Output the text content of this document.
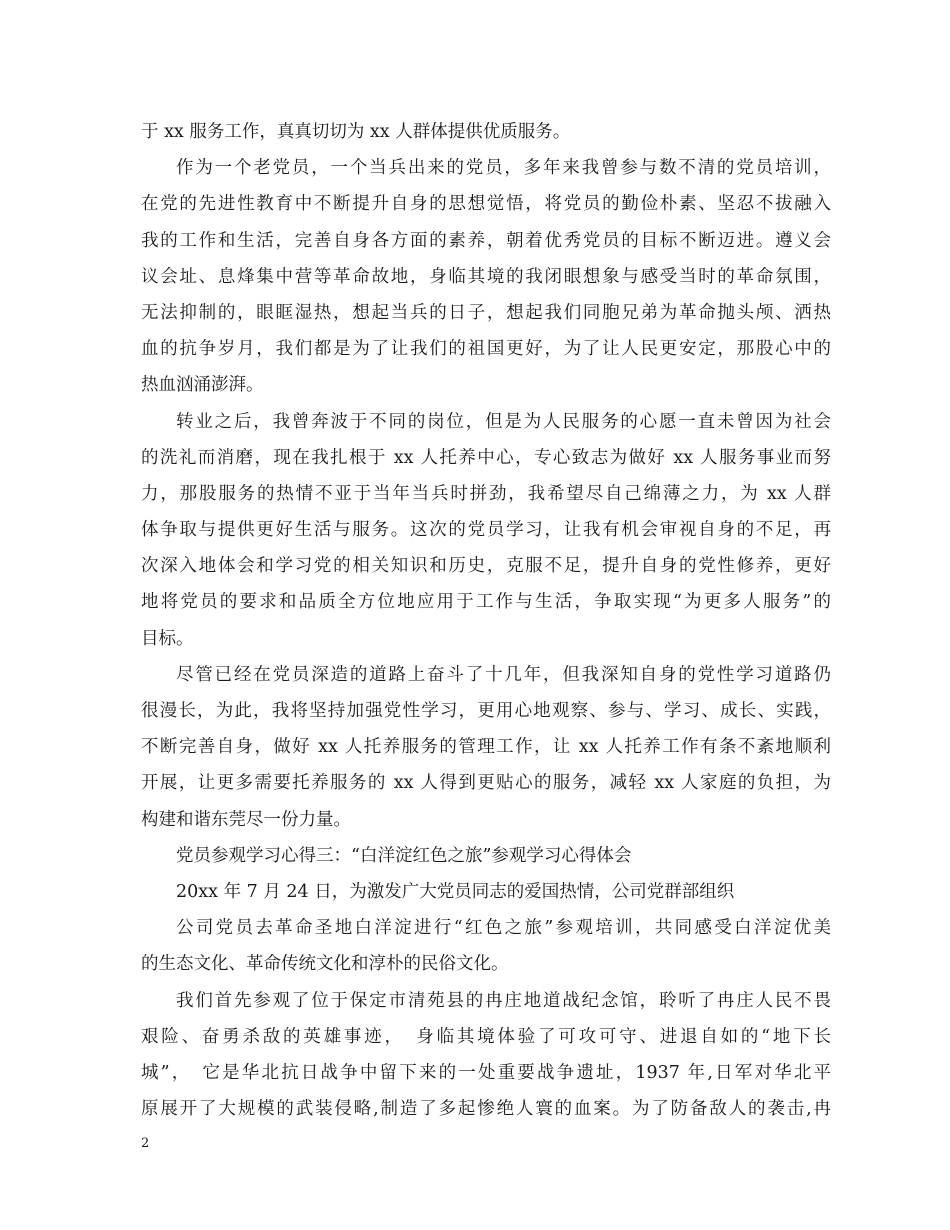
于 xx 服务工作，真真切切为 xx 人群体提供优质服务。
作为一个老党员，一个当兵出来的党员，多年来我曾参与数不清的党员培训，
在党的先进性教育中不断提升自身的思想觉悟，将党员的勤俭朴素、坚忍不拔融入
我的工作和生活，完善自身各方面的素养，朝着优秀党员的目标不断迈进。遵义会
议会址、息烽集中营等革命故地，身临其境的我闭眼想象与感受当时的革命氛围，
无法抑制的，眼眶湿热，想起当兵的日子，想起我们同胞兄弟为革命抛头颅、洒热
血的抗争岁月，我们都是为了让我们的祖国更好，为了让人民更安定，那股心中的
热血汹涌澎湃。
转业之后，我曾奔波于不同的岗位，但是为人民服务的心愿一直未曾因为社会
的洗礼而消磨，现在我扎根于 xx 人托养中心，专心致志为做好 xx 人服务事业而努
力，那股服务的热情不亚于当年当兵时拼劲，我希望尽自己绵薄之力，为 xx 人群
体争取与提供更好生活与服务。这次的党员学习，让我有机会审视自身的不足，再
次深入地体会和学习党的相关知识和历史，克服不足，提升自身的党性修养，更好
地将党员的要求和品质全方位地应用于工作与生活，争取实现“为更多人服务”的
目标。
尽管已经在党员深造的道路上奋斗了十几年，但我深知自身的党性学习道路仍
很漫长，为此，我将坚持加强党性学习，更用心地观察、参与、学习、成长、实践，
不断完善自身，做好 xx 人托养服务的管理工作，让 xx 人托养工作有条不紊地顺利
开展，让更多需要托养服务的 xx 人得到更贴心的服务，减轻 xx 人家庭的负担，为
构建和谐东莞尽一份力量。
党员参观学习心得三：“白洋淀红色之旅”参观学习心得体会
20xx 年 7 月 24 日，为激发广大党员同志的爱国热情，公司党群部组织
公司党员去革命圣地白洋淀进行“红色之旅”参观培训，共同感受白洋淀优美
的生态文化、革命传统文化和淳朴的民俗文化。
我们首先参观了位于保定市清苑县的冉庄地道战纪念馆，聆听了冉庄人民不畏
艰险、奋勇杀敌的英雄事迹，　身临其境体验了可攻可守、进退自如的“地下长
城”，　它是华北抗日战争中留下来的一处重要战争遗址，1937 年,日军对华北平
原展开了大规模的武装侵略,制造了多起惨绝人寰的血案。为了防备敌人的袭击,冉
2
